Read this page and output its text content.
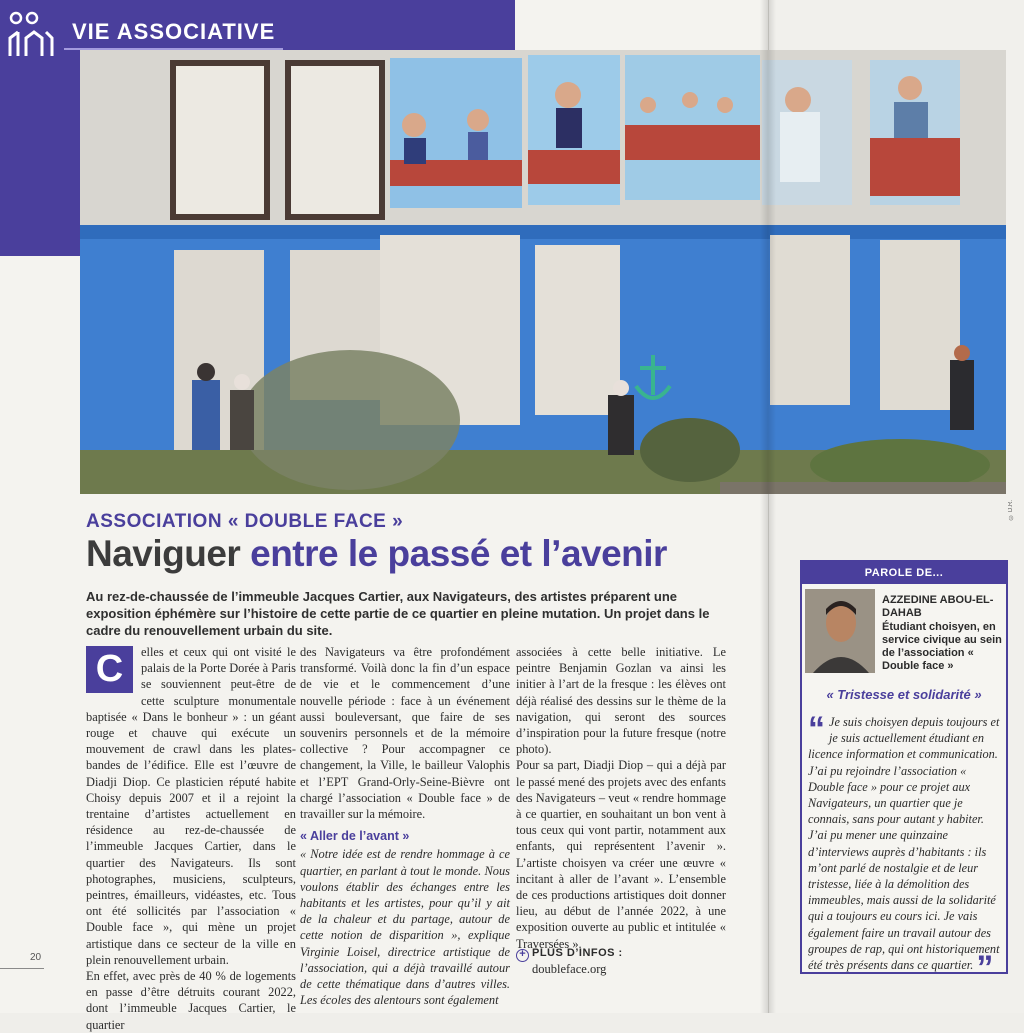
VIE ASSOCIATIVE
© D.R.
ASSOCIATION « DOUBLE FACE »
Naviguer entre le passé et l’avenir
Au rez-de-chaussée de l’immeuble Jacques Cartier, aux Navigateurs, des artistes préparent une exposition éphémère sur l’histoire de cette partie de ce quartier en pleine mutation. Un projet dans le cadre du renouvellement urbain du site.
C	elles et ceux qui ont visité le palais de la Porte Dorée à Paris se souviennent peut-être de cette sculpture monumentale baptisée « Dans le bonheur » : un géant rouge et chauve qui exécute un mouvement de crawl dans les plates-bandes de l’édifice. Elle est l’œuvre de Diadji Diop. Ce plasticien réputé habite Choisy depuis 2007 et il a rejoint la trentaine d’artistes actuellement en résidence au rez-de-chaussée de l’immeuble Jacques Cartier, dans le quartier des Navigateurs. Ils sont photographes, musiciens, sculpteurs, peintres, émailleurs, vidéastes, etc. Tous ont été sollicités par l’association « Double face », qui mène un projet artistique dans ce secteur de la ville en plein renouvellement urbain.

En effet, avec près de 40 % de logements en passe d’être détruits courant 2022, dont l’immeuble Jacques Cartier, le quartier

des Navigateurs va être profondément transformé. Voilà donc la fin d’un espace de vie et le commencement d’une nouvelle période : face à un événement aussi bouleversant, que faire de ses souvenirs personnels et de la mémoire collective ? Pour accompagner ce changement, la Ville, le bailleur Valophis et l’EPT Grand-Orly-Seine-Bièvre ont chargé l’association « Double face » de travailler sur la mémoire.

« Aller de l’avant »

« Notre idée est de rendre hommage à ce quartier, en parlant à tout le monde. Nous voulons établir des échanges entre les habitants et les artistes, pour qu’il y ait de la chaleur et du partage, autour de cette notion de disparition », explique Virginie Loisel, directrice artistique de l’association, qui a déjà travaillé autour de cette thématique dans d’autres villes. Les écoles des alentours sont également

associées à cette belle initiative. Le peintre Benjamin Gozlan va ainsi les initier à l’art de la fresque : les élèves ont déjà réalisé des dessins sur le thème de la navigation, qui seront des sources d’inspiration pour la future fresque (notre photo).

Pour sa part, Diadji Diop – qui a déjà par le passé mené des projets avec des enfants des Navigateurs – veut « rendre hommage à ce quartier, en souhaitant un bon vent à tous ceux qui vont partir, notamment aux enfants, qui représentent l’avenir ». L’artiste choisyen va créer une œuvre « incitant à aller de l’avant ». L’ensemble de ces productions artistiques doit donner lieu, au début de l’année 2022, à une exposition ouverte au public et intitulée « Traversées ».

+ PLUS D’INFOS :
doubleface.org
20
PAROLE DE...
AZZEDINE ABOU-EL-DAHAB
Étudiant choisyen, en service civique au sein de l’association « Double face »
« Tristesse et solidarité »
“ Je suis choisyen depuis toujours et je suis actuellement étudiant en licence information et communication. J’ai pu rejoindre l’association « Double face » pour ce projet aux Navigateurs, un quartier que je connais, sans pour autant y habiter. J’ai pu mener une quinzaine d’interviews auprès d’habitants : ils m’ont parlé de nostalgie et de leur tristesse, liée à la démolition des immeubles, mais aussi de la solidarité qui a toujours eu cours ici. Je vais également faire un travail autour des groupes de rap, qui ont historiquement été très présents dans ce quartier. ”
